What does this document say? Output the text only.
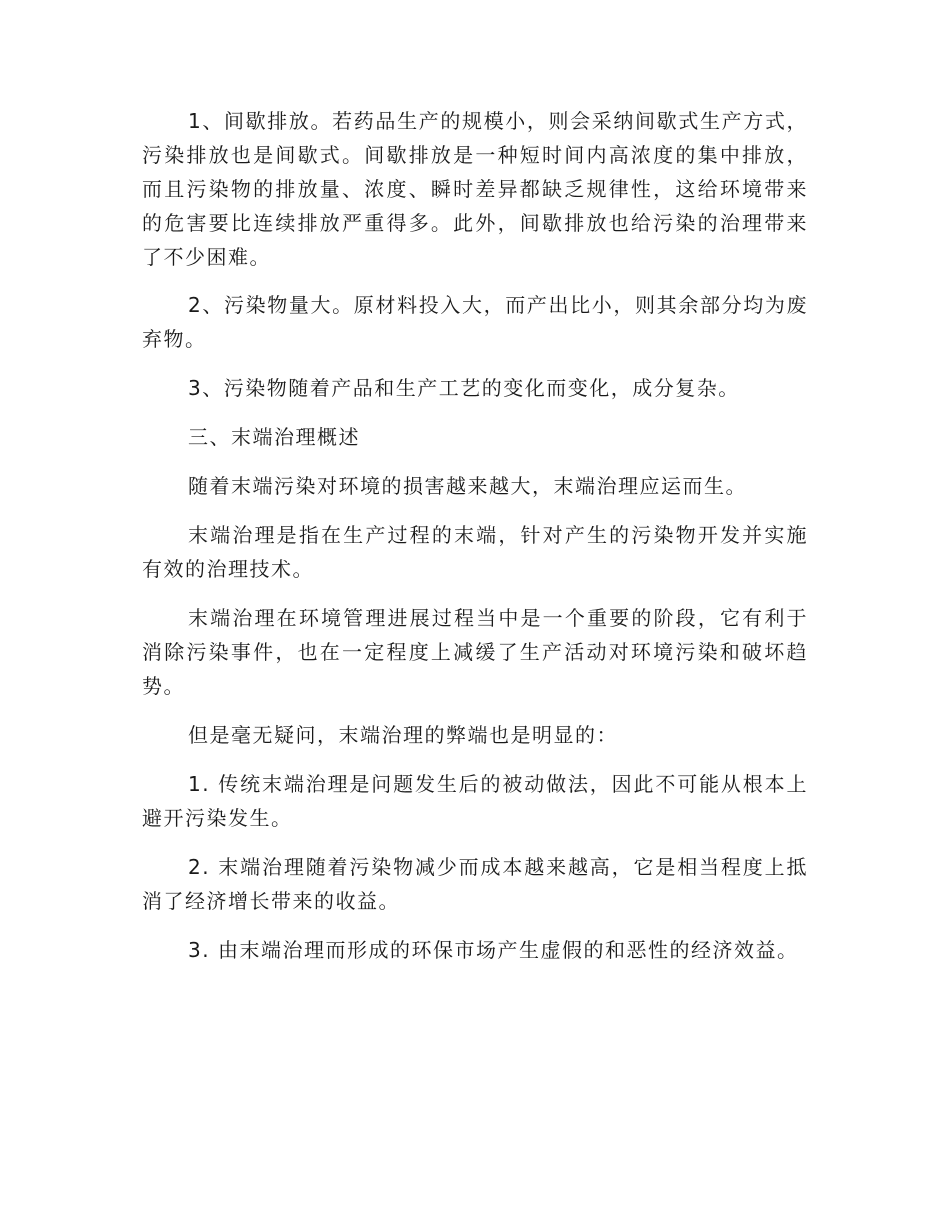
1、间歇排放。若药品生产的规模小，则会采纳间歇式生产方式，污染排放也是间歇式。间歇排放是一种短时间内高浓度的集中排放，而且污染物的排放量、浓度、瞬时差异都缺乏规律性，这给环境带来的危害要比连续排放严重得多。此外，间歇排放也给污染的治理带来了不少困难。

2、污染物量大。原材料投入大，而产出比小，则其余部分均为废弃物。

3、污染物随着产品和生产工艺的变化而变化，成分复杂。

三、末端治理概述

随着末端污染对环境的损害越来越大，末端治理应运而生。

末端治理是指在生产过程的末端，针对产生的污染物开发并实施有效的治理技术。

末端治理在环境管理进展过程当中是一个重要的阶段，它有利于消除污染事件，也在一定程度上减缓了生产活动对环境污染和破坏趋势。

但是毫无疑问，末端治理的弊端也是明显的：

1. 传统末端治理是问题发生后的被动做法，因此不可能从根本上避开污染发生。

2. 末端治理随着污染物减少而成本越来越高，它是相当程度上抵消了经济增长带来的收益。

3. 由末端治理而形成的环保市场产生虚假的和恶性的经济效益。
